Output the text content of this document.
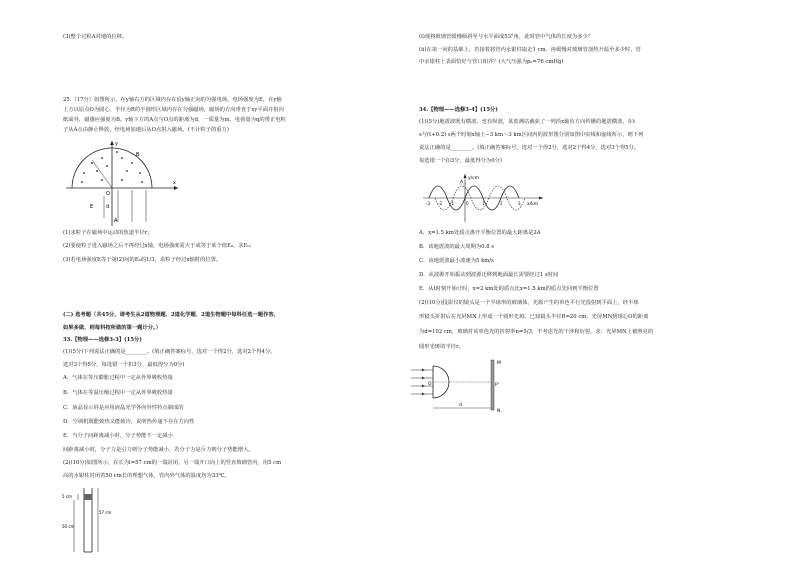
(3)整个过程A对地的位移。
25.（17分）如图所示，在y轴右方的区域内存在沿y轴正向的匀强电场，电场强度为E，在y轴
上方以原点O为圆心、半径为R的半圆形区域内存在匀强磁场，磁场的方向垂直于xy平面并指向
纸面外，磁感应强度为B。y轴下方的A点与O点的距离为d，一质量为m、电荷量为q的带正电粒
子从A点由静止释放，经电场加速后从O点射入磁场。(不计粒子的重力)
B
y
x
O
E	d
A
(1)求粒子在磁场中运动的轨道半径r；
(2)要使粒子进入磁场之后不再经过x轴，电场强度需大于或等于某个值E₀，求E₀；
(3)若电场强度E等于第(2)问的E₀的1/3，求粒子经过x轴时的位置。
(二) 选考题（共45分，请考生从2道物理题、2道化学题、2道生物题中每科任选一题作答，
如果多做，则每科按所做的第一题计分。）
33.【物理——选修3-3】(15分)
(1)(5分)下列说法正确的是________。(填正确答案标号，选对一个得2分，选对2个得4分，
选对3个得5分，每选错一个扣3分，最低得分为0分)
A．气体在等压膨胀过程中一定从外界吸收热量
B．气体在等温压缩过程中一定从外界吸收热量
C．液晶显示屏是应用液晶光学各向异性特点制成的
D．空调机既能致热又能致冷，说明热传递不存在方向性
E．当分子间距离减小时，分子势能不一定减小
间距离减小时，分子力是引力则分子势能减小，若分子力是斥力则分子势能增大。
(2)(10分)如图所示，在长为l=57 cm的一端封闭、另一端开口向上的竖直玻璃管内，用5 cm
高的水银柱封闭着50 cm长的理想气体，管内外气体的温度均为33℃。
5 cm
50 cm
57 cm
(i)现将玻璃管缓慢倾斜至与水平面成53°角，此时管中气体的长度为多少？
(ii)在第一问的基础上，若接着将管内水银柱取走1 cm，再缓慢对玻璃管加热升温至多少时，管
中水银柱上表面恰好与管口相齐？(大气压强为p₀=76 cmHg)
34.【物理——选修3-4】(15分)
(1)(5分)地震波既有横波，也有纵波，某监测站截获了一列沿x轴负方向传播的地震横波，在t
s与(t+0.2) s两个时刻x轴上−3 km～3 km区间内的波形图分别如图中实线和虚线所示，则下列
说法正确的是________。(填正确答案标号，选对一个得2分，选对2个得4分，选对3个得5分。
每选错一个扣3分，最低得分为0分)
y/cm
A
x/km
-3 -2 -1	0	1	2	3
A．x=1.5 km处质点离开平衡位置的最大距离是2A
B．该地震波的最大周期为0.8 s
C．该地震波最小波速为5 km/s
D．从波源开始振动到波源迁移到地面最长需要经过1 s时间
E．从t时刻开始计时，x=2 km处的质点比x=1.5 km的质点先回到平衡位置
(2)(10分)投影仪的镜头是一个半球形的玻璃体，光源产生的单色平行光投射到平面上，经半球
形镜头折射后在光屏MN上形成一个圆形光斑。已知镜头半径R=20 cm，光屏MN到球心O的距离
为d=102 cm，玻璃对该单色光的折射率n=5/3，不考虑光的干涉和衍射，求：光屏MN上被照亮的
圆形光斑的半径r。
M
N
O	P'
d
